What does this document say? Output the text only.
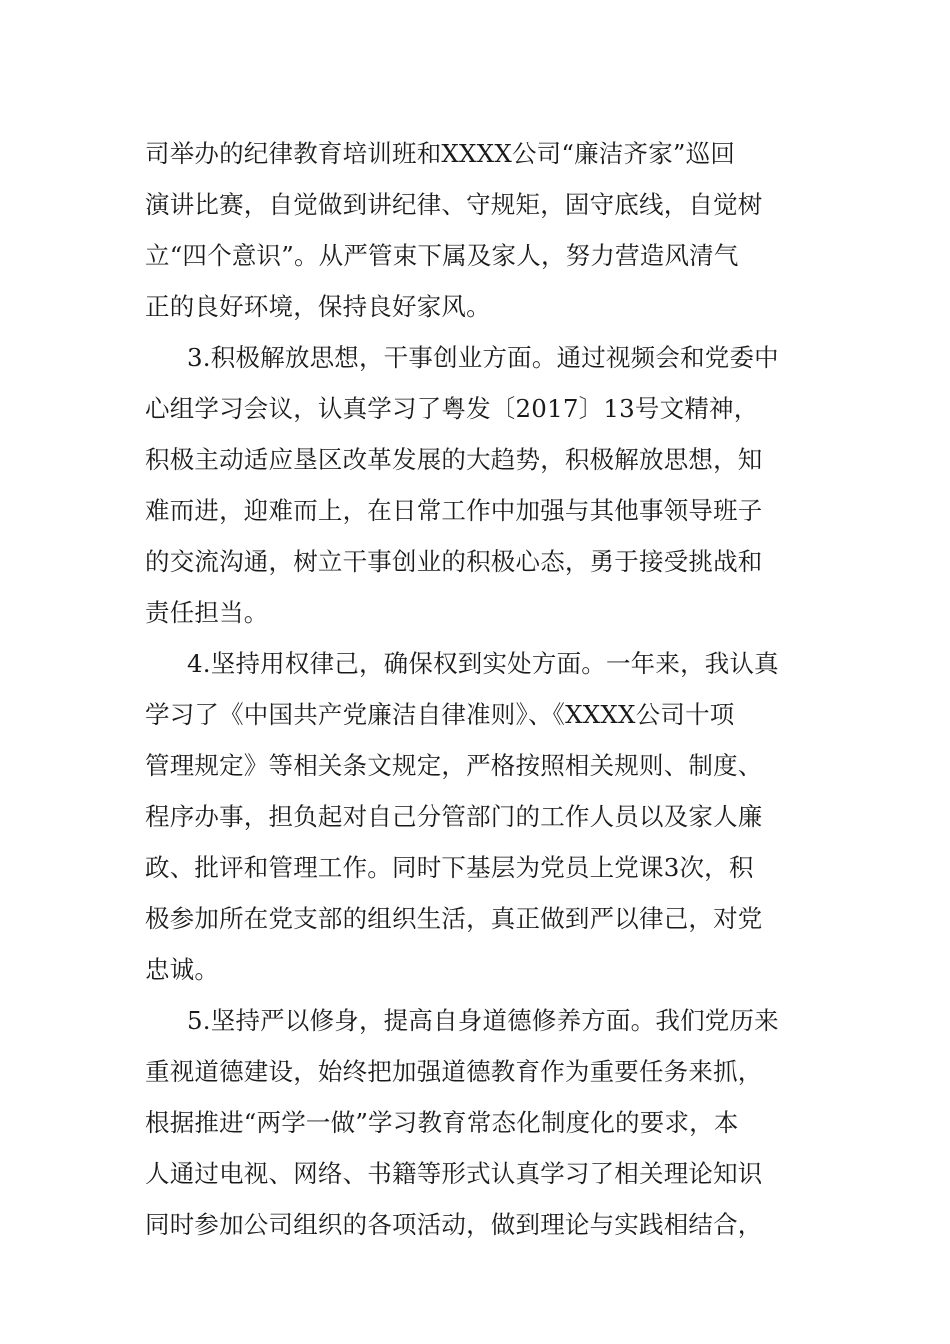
司举办的纪律教育培训班和XXXX公司“廉洁齐家”巡回
演讲比赛，自觉做到讲纪律、守规矩，固守底线，自觉树
立“四个意识”。从严管束下属及家人，努力营造风清气
正的良好环境，保持良好家风。
3.积极解放思想，干事创业方面。通过视频会和党委中
心组学习会议，认真学习了粤发〔2017〕13号文精神，
积极主动适应垦区改革发展的大趋势，积极解放思想，知
难而进，迎难而上，在日常工作中加强与其他事领导班子
的交流沟通，树立干事创业的积极心态，勇于接受挑战和
责任担当。
4.坚持用权律己，确保权到实处方面。一年来，我认真
学习了《中国共产党廉洁自律准则》、《XXXX公司十项
管理规定》等相关条文规定，严格按照相关规则、制度、
程序办事，担负起对自己分管部门的工作人员以及家人廉
政、批评和管理工作。同时下基层为党员上党课3次，积
极参加所在党支部的组织生活，真正做到严以律己，对党
忠诚。
5.坚持严以修身，提高自身道德修养方面。我们党历来
重视道德建设，始终把加强道德教育作为重要任务来抓，
根据推进“两学一做”学习教育常态化制度化的要求，本
人通过电视、网络、书籍等形式认真学习了相关理论知识
同时参加公司组织的各项活动，做到理论与实践相结合，
